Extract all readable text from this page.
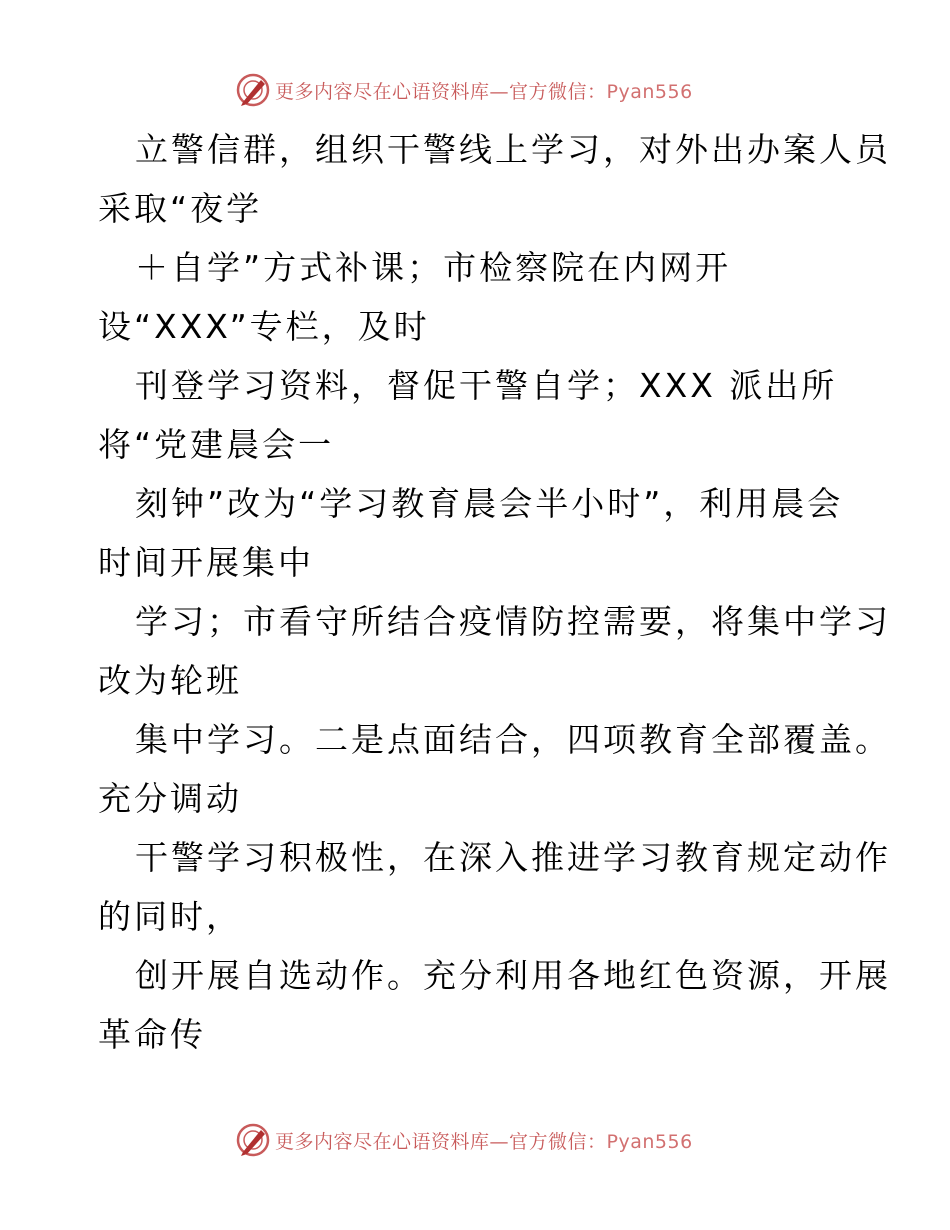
更多内容尽在心语资料库—官方微信：Pyan556
立警信群，组织干警线上学习，对外出办案人员
采取“夜学
＋自学”方式补课；市检察院在内网开
设“XXX”专栏，及时
刊登学习资料，督促干警自学；XXX 派出所
将“党建晨会一
刻钟”改为“学习教育晨会半小时”，利用晨会
时间开展集中
学习；市看守所结合疫情防控需要，将集中学习
改为轮班
集中学习。二是点面结合，四项教育全部覆盖。
充分调动
干警学习积极性，在深入推进学习教育规定动作
的同时，
创开展自选动作。充分利用各地红色资源，开展
革命传
更多内容尽在心语资料库—官方微信：Pyan556
